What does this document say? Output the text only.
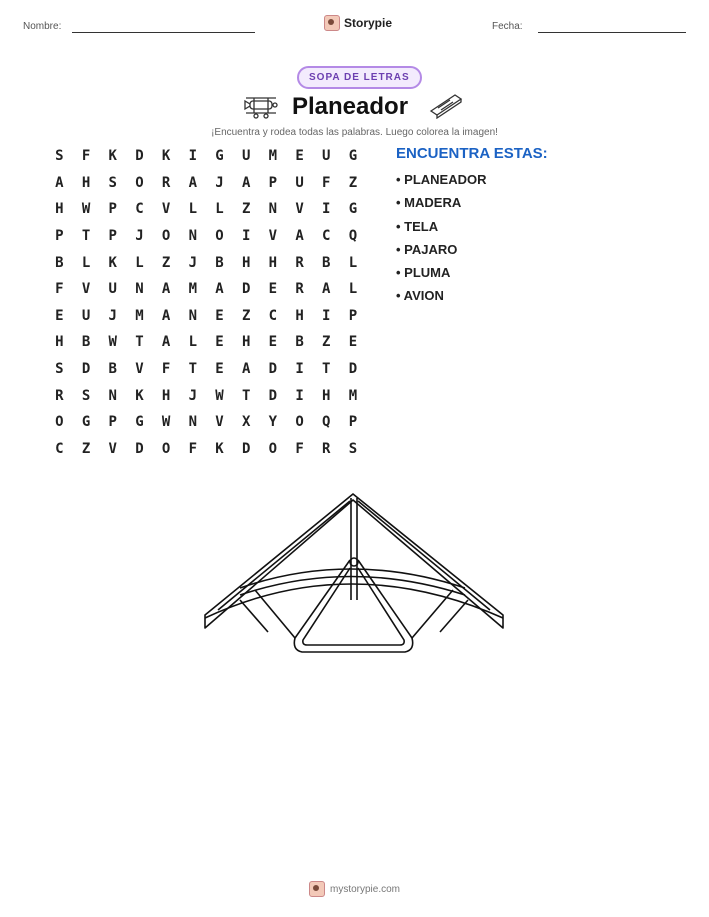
Nombre:	Storypie	Fecha:
SOPA DE LETRAS
Planeador
¡Encuentra y rodea todas las palabras. Luego colorea la imagen!
S	F	K	D	K	I	G	U	M	E	U	G
A	H	S	O	R	A	J	A	P	U	F	Z
H	W	P	C	V	L	L	Z	N	V	I	G
P	T	P	J	O	N	O	I	V	A	C	Q
B	L	K	L	Z	J	B	H	H	R	B	L
F	V	U	N	A	M	A	D	E	R	A	L
E	U	J	M	A	N	E	Z	C	H	I	P
H	B	W	T	A	L	E	H	E	B	Z	E
S	D	B	V	F	T	E	A	D	I	T	D
R	S	N	K	H	J	W	T	D	I	H	M
O	G	P	G	W	N	V	X	Y	O	Q	P
C	Z	V	D	O	F	K	D	O	F	R	S
ENCUENTRA ESTAS:
• PLANEADOR
• MADERA
• TELA
• PAJARO
• PLUMA
• AVION
mystorypie.com
